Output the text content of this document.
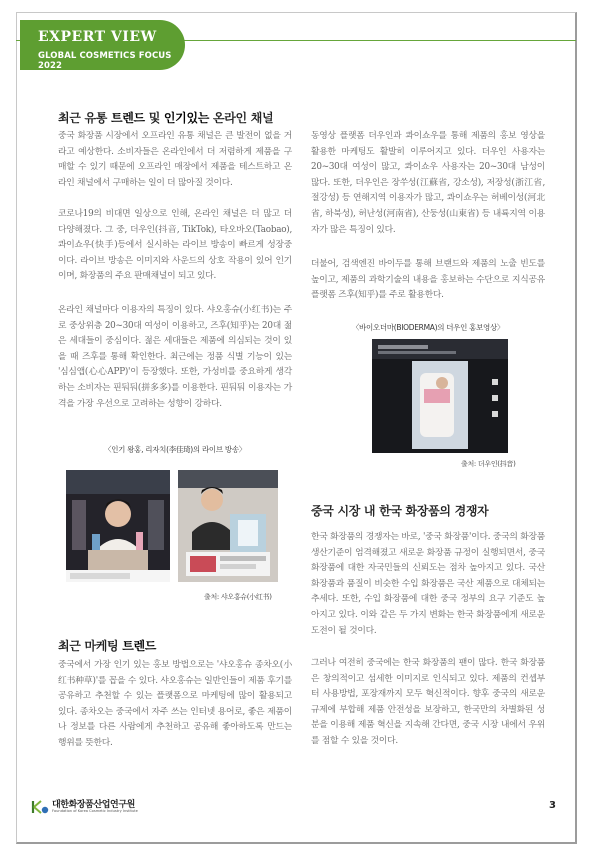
EXPERT VIEW
GLOBAL COSMETICS FOCUS 2022
최근 유통 트렌드 및 인기있는 온라인 채널

중국 화장품 시장에서 오프라인 유통 채널은 큰 발전이 없을 거라고 예상한다. 소비자들은 온라인에서 더 저렴하게 제품을 구매할 수 있기 때문에 오프라인 매장에서 제품을 테스트하고 온라인 채널에서 구매하는 일이 더 많아질 것이다.

코로나19의 비대면 일상으로 인해, 온라인 채널은 더 많고 더 다양해졌다. 그 중, 더우인(抖音, TikTok), 타오바오(Taobao), 콰이쇼우(快手)등에서 실시하는 라이브 방송이 빠르게 성장중이다. 라이브 방송은 이미지와 사운드의 상호 작용이 있어 인기이며, 화장품의 주요 판매채널이 되고 있다.

온라인 채널마다 이용자의 특징이 있다. 샤오홍슈(小红书)는 주로 중상위층 20~30대 여성이 이용하고, 즈후(知乎)는 20대 젊은 세대들이 중심이다. 젊은 세대들은 제품에 의심되는 것이 있을 때 즈후를 통해 확인한다. 최근에는 정품 식별 기능이 있는 '심심앱(心心APP)'이 등장했다. 또한, 가성비를 중요하게 생각하는 소비자는 핀둬둬(拼多多)를 이용한다. 핀둬둬 이용자는 가격을 가장 우선으로 고려하는 성향이 강하다.

〈인기 왕홍, 리자치(李佳琦)의 라이브 방송〉
출처: 샤오홍슈(小红书)
최근 마케팅 트렌드

중국에서 가장 인기 있는 홍보 방법으로는 '샤오홍슈 종차오(小红书种草)'를 꼽을 수 있다. 샤오홍슈는 일반인들이 제품 후기를 공유하고 추천할 수 있는 플랫폼으로 마케팅에 많이 활용되고 있다. 종차오는 중국에서 자주 쓰는 인터넷 용어로, 좋은 제품이나 정보를 다른 사람에게 추천하고 공유해 좋아하도록 만드는 행위를 뜻한다.

동영상 플랫폼 더우인과 콰이쇼우를 통해 제품의 홍보 영상을 활용한 마케팅도 활발히 이루어지고 있다. 더우인 사용자는 20~30대 여성이 많고, 콰이쇼우 사용자는 20~30대 남성이 많다. 또한, 더우인은 장쑤성(江蘇省, 강소성), 저장성(浙江省, 절강성) 등 연해지역 이용자가 많고, 콰이쇼우는 허베이성(河北省, 하북성), 허난성(河南省), 산둥성(山東省) 등 내륙지역 이용자가 많은 특징이 있다.

더불어, 검색엔진 바이두를 통해 브랜드와 제품의 노출 빈도를 높이고, 제품의 과학기술의 내용을 홍보하는 수단으로 지식공유 플랫폼 즈후(知乎)를 주로 활용한다.

〈바이오더마(BIODERMA)의 더우인 홍보영상〉
출처: 더우인(抖音)
중국 시장 내 한국 화장품의 경쟁자

한국 화장품의 경쟁자는 바로, '중국 화장품'이다. 중국의 화장품 생산기준이 엄격해졌고 새로운 화장품 규정이 실행되면서, 중국 화장품에 대한 자국민들의 신뢰도는 점차 높아지고 있다. 국산 화장품과 품질이 비슷한 수입 화장품은 국산 제품으로 대체되는 추세다. 또한, 수입 화장품에 대한 중국 정부의 요구 기준도 높아지고 있다. 이와 같은 두 가지 변화는 한국 화장품에게 새로운 도전이 될 것이다.

그러나 여전히 중국에는 한국 화장품의 팬이 많다. 한국 화장품은 창의적이고 섬세한 이미지로 인식되고 있다. 제품의 컨셉부터 사용방법, 포장재까지 모두 혁신적이다. 향후 중국의 새로운 규제에 부합해 제품 안전성을 보장하고, 한국만의 차별화된 성분을 이용해 제품 혁신을 지속해 간다면, 중국 시장 내에서 우위를 점할 수 있을 것이다.

대한화장품산업연구원
Foundation of Korea Cosmetic Industry Institute	3
